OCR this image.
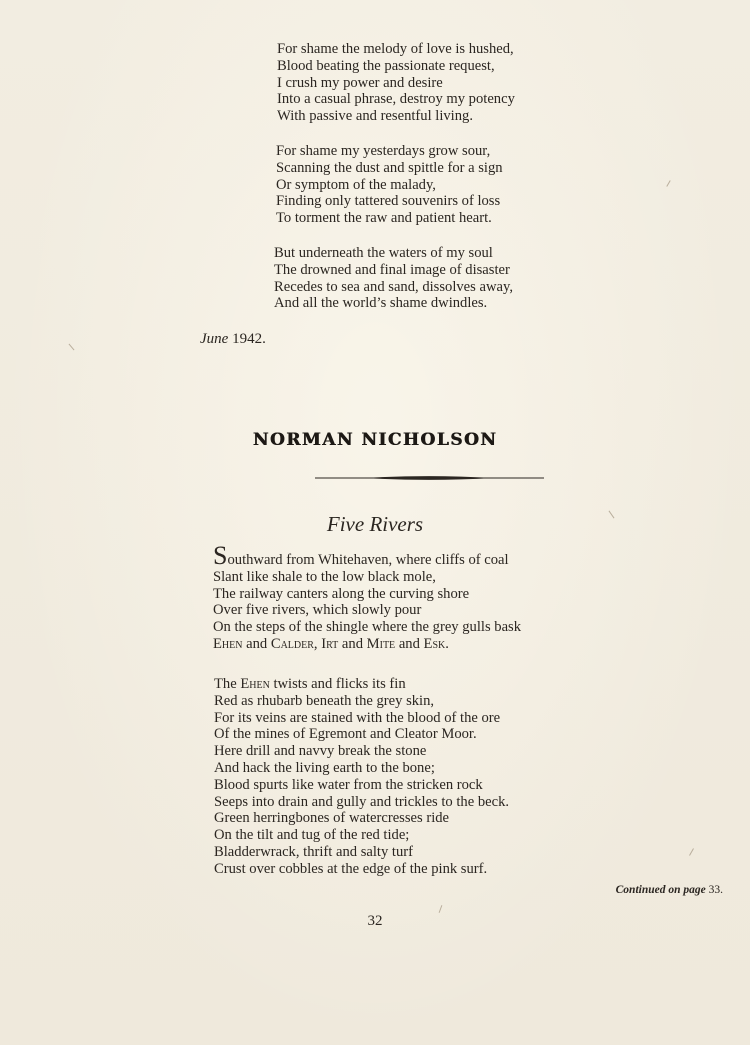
For shame the melody of love is hushed,
Blood beating the passionate request,
I crush my power and desire
Into a casual phrase, destroy my potency
With passive and resentful living.
For shame my yesterdays grow sour,
Scanning the dust and spittle for a sign
Or symptom of the malady,
Finding only tattered souvenirs of loss
To torment the raw and patient heart.
But underneath the waters of my soul
The drowned and final image of disaster
Recedes to sea and sand, dissolves away,
And all the world’s shame dwindles.
June 1942.
NORMAN NICHOLSON
Five Rivers
Southward from Whitehaven, where cliffs of coal
Slant like shale to the low black mole,
The railway canters along the curving shore
Over five rivers, which slowly pour
On the steps of the shingle where the grey gulls bask
Ehen and Calder, Irt and Mite and Esk.
The Ehen twists and flicks its fin
Red as rhubarb beneath the grey skin,
For its veins are stained with the blood of the ore
Of the mines of Egremont and Cleator Moor.
Here drill and navvy break the stone
And hack the living earth to the bone;
Blood spurts like water from the stricken rock
Seeps into drain and gully and trickles to the beck.
Green herringbones of watercresses ride
On the tilt and tug of the red tide;
Bladderwrack, thrift and salty turf
Crust over cobbles at the edge of the pink surf.
Continued on page 33.
32
